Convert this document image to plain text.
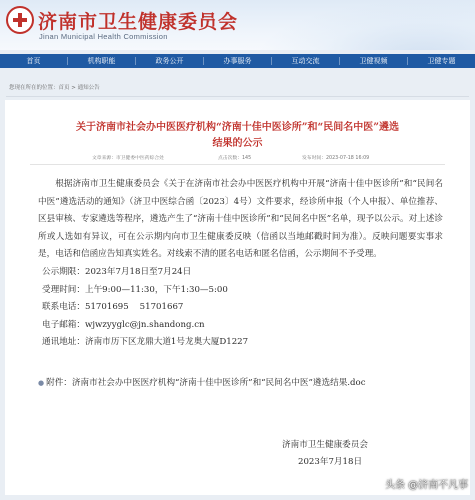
济南市卫生健康委员会
Jinan Municipal Health Commission
首页	机构职能	政务公开	办事服务	互动交流	卫健视频	卫健专题
您现在所在的位置：首页 > 通知公告
关于济南市社会办中医医疗机构“济南十佳中医诊所”和“民间名中医”遴选
结果的公示
文章来源：市卫健委中医药综合处	点击次数：145	发布时间：2023-07-18 16:09

根据济南市卫生健康委员会《关于在济南市社会办中医医疗机构中开展“济南十佳中医诊所”和“民间名中医”遴选活动的通知》（济卫中医综合函〔2023〕4号）文件要求，经诊所申报（个人申报）、单位推荐、区县审核、专家遴选等程序，遴选产生了“济南十佳中医诊所”和“民间名中医”名单，现予以公示。对上述诊所或人选如有异议，可在公示期内向市卫生健康委反映（信函以当地邮戳时间为准）。反映问题要实事求是，电话和信函应告知真实姓名。对线索不清的匿名电话和匿名信函，公示期间不予受理。

公示期限：2023年7月18日至7月24日
受理时间：上午9:00—11:30，下午1:30—5:00
联系电话：51701695    51701667
电子邮箱：wjwzyyglc@jn.shandong.cn
通讯地址：济南市历下区龙鼎大道1号龙奥大厦D1227
● 附件：济南市社会办中医医疗机构“济南十佳中医诊所”和“民间名中医”遴选结果.doc
济南市卫生健康委员会
2023年7月18日
头条 @济南不凡事
